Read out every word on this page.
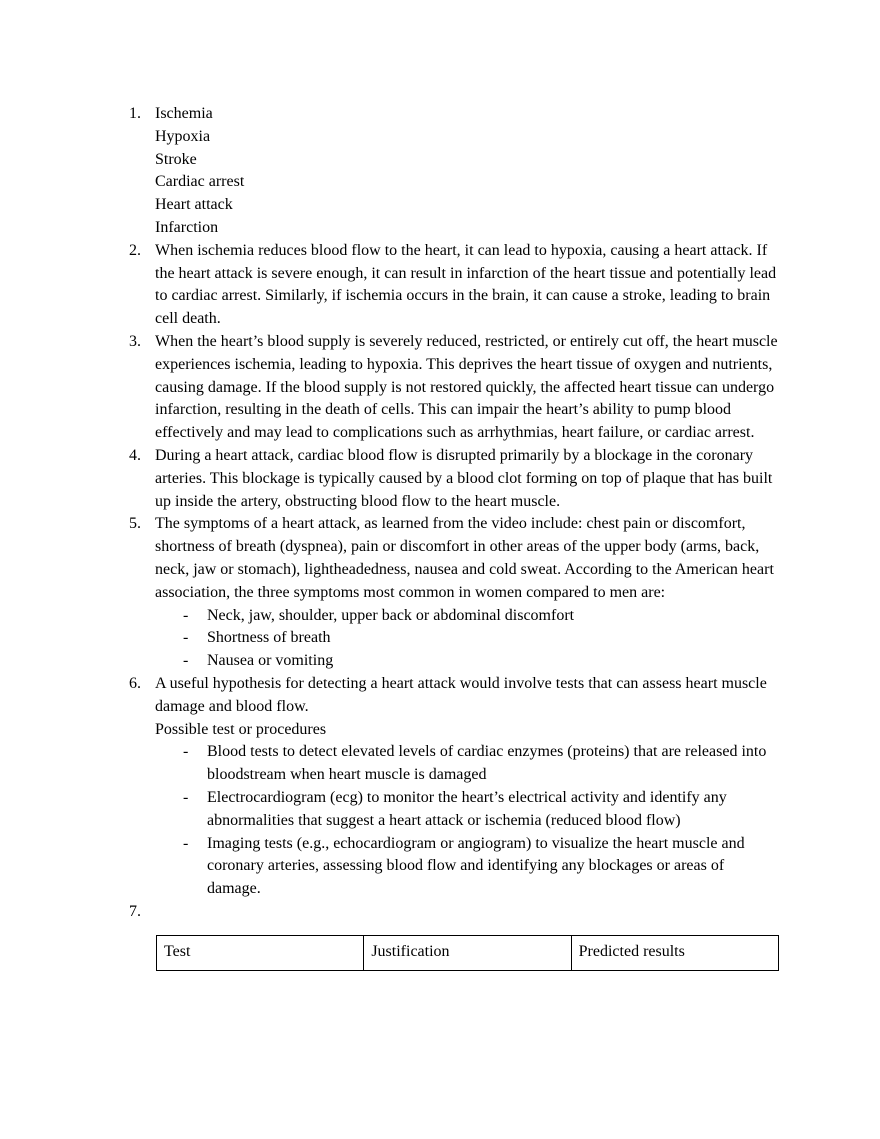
1. Ischemia
Hypoxia
Stroke
Cardiac arrest
Heart attack
Infarction
2. When ischemia reduces blood flow to the heart, it can lead to hypoxia, causing a heart attack. If the heart attack is severe enough, it can result in infarction of the heart tissue and potentially lead to cardiac arrest. Similarly, if ischemia occurs in the brain, it can cause a stroke, leading to brain cell death.
3. When the heart’s blood supply is severely reduced, restricted, or entirely cut off, the heart muscle experiences ischemia, leading to hypoxia. This deprives the heart tissue of oxygen and nutrients, causing damage. If the blood supply is not restored quickly, the affected heart tissue can undergo infarction, resulting in the death of cells. This can impair the heart’s ability to pump blood effectively and may lead to complications such as arrhythmias, heart failure, or cardiac arrest.
4. During a heart attack, cardiac blood flow is disrupted primarily by a blockage in the coronary arteries. This blockage is typically caused by a blood clot forming on top of plaque that has built up inside the artery, obstructing blood flow to the heart muscle.
5. The symptoms of a heart attack, as learned from the video include: chest pain or discomfort, shortness of breath (dyspnea), pain or discomfort in other areas of the upper body (arms, back, neck, jaw or stomach), lightheadedness, nausea and cold sweat. According to the American heart association, the three symptoms most common in women compared to men are:
- Neck, jaw, shoulder, upper back or abdominal discomfort
- Shortness of breath
- Nausea or vomiting
6. A useful hypothesis for detecting a heart attack would involve tests that can assess heart muscle damage and blood flow.
Possible test or procedures
- Blood tests to detect elevated levels of cardiac enzymes (proteins) that are released into bloodstream when heart muscle is damaged
- Electrocardiogram (ecg) to monitor the heart’s electrical activity and identify any abnormalities that suggest a heart attack or ischemia (reduced blood flow)
- Imaging tests (e.g., echocardiogram or angiogram) to visualize the heart muscle and coronary arteries, assessing blood flow and identifying any blockages or areas of damage.
7.
Test	Justification	Predicted results
